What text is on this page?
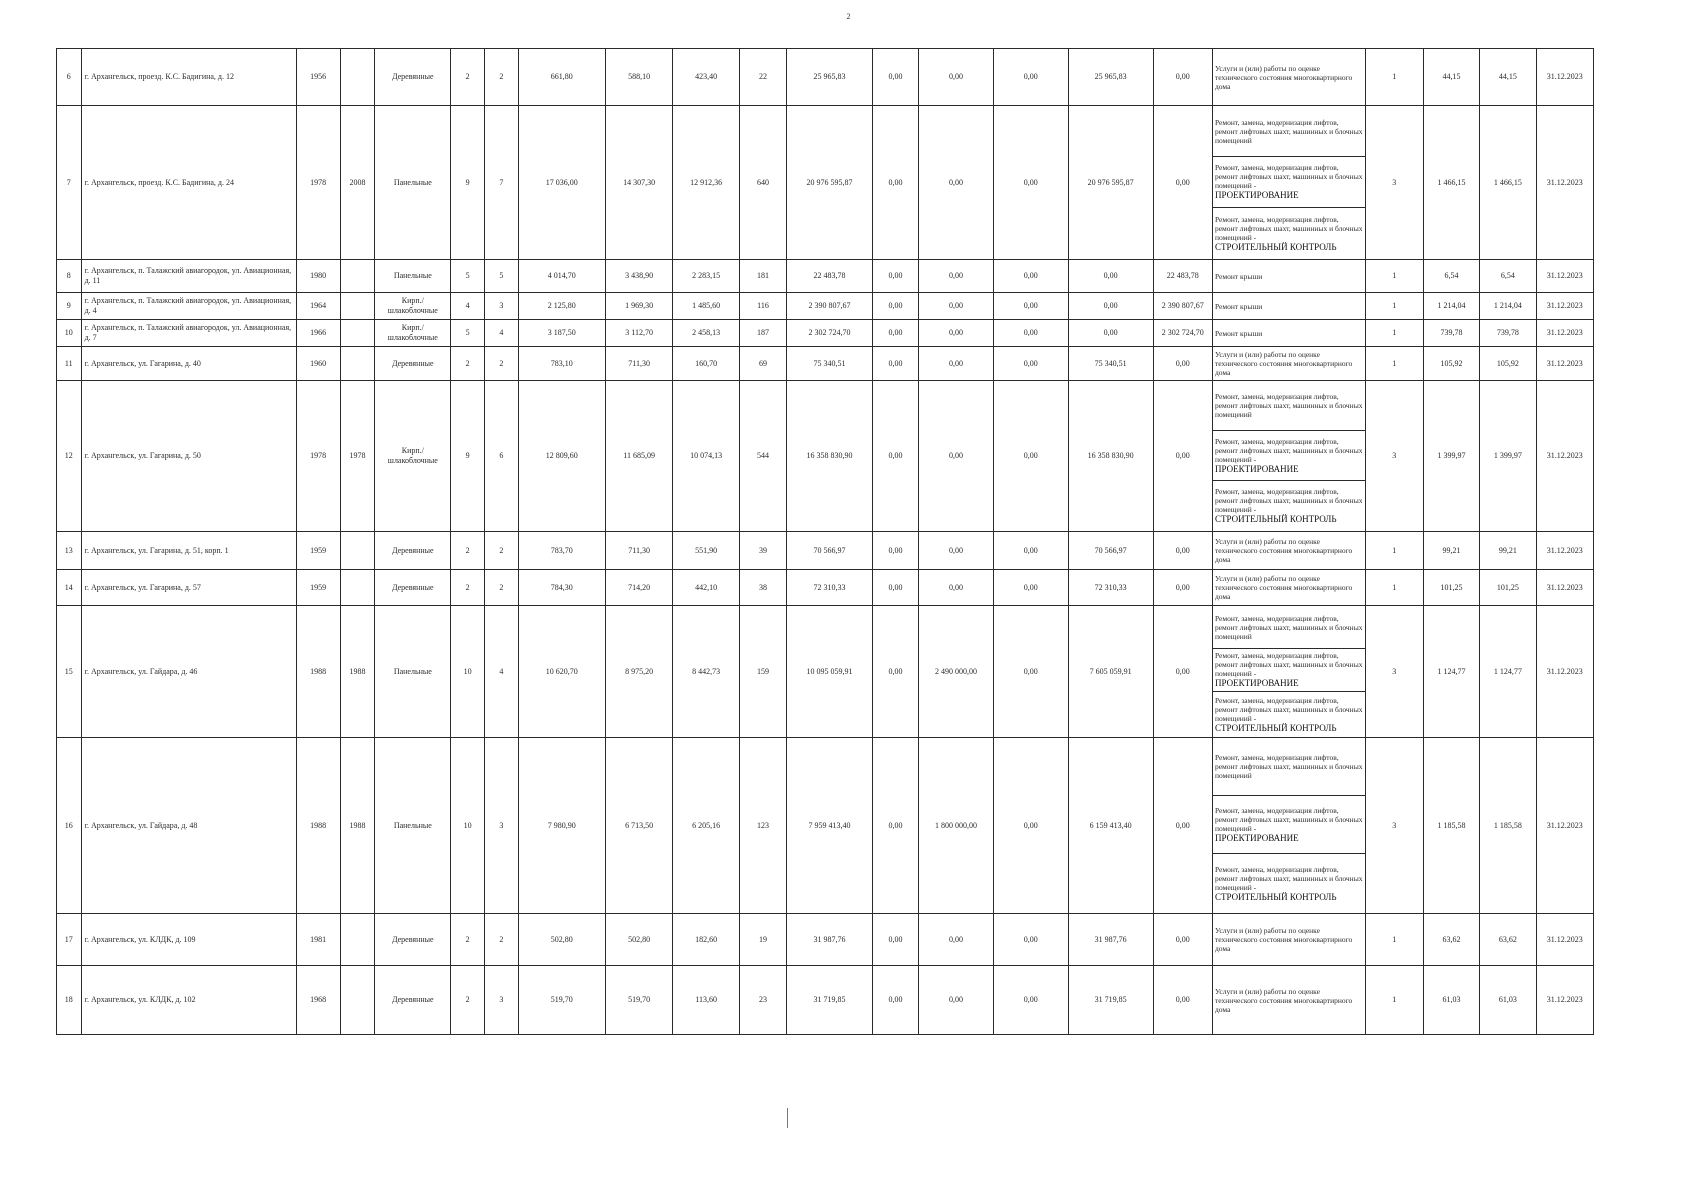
2
6	г. Архангельск, проезд. К.С. Бадигина, д. 12	1956		Деревянные	2	2	661,80	588,10	423,40	22	25 965,83	0,00	0,00	0,00	25 965,83	0,00	Услуги и (или) работы по оценке технического состояния многоквартирного дома	1	44,15	44,15	31.12.2023
7	г. Архангельск, проезд. К.С. Бадигина, д. 24	1978	2008	Панельные	9	7	17 036,00	14 307,30	12 912,36	640	20 976 595,87	0,00	0,00	0,00	20 976 595,87	0,00	Ремонт, замена, модернизация лифтов, ремонт лифтовых шахт, машинных и блочных помещений
Ремонт, замена, модернизация лифтов, ремонт лифтовых шахт, машинных и блочных помещений -
ПРОЕКТИРОВАНИЕ
Ремонт, замена, модернизация лифтов, ремонт лифтовых шахт, машинных и блочных помещений -
СТРОИТЕЛЬНЫЙ КОНТРОЛЬ	3	1 466,15	1 466,15	31.12.2023
8	г. Архангельск, п. Талажский авиагородок, ул. Авиационная, д. 11	1980		Панельные	5	5	4 014,70	3 438,90	2 283,15	181	22 483,78	0,00	0,00	0,00	0,00	22 483,78	Ремонт крыши	1	6,54	6,54	31.12.2023
9	г. Архангельск, п. Талажский авиагородок, ул. Авиационная, д. 4	1964		Кирп./ шлакоблочные	4	3	2 125,80	1 969,30	1 485,60	116	2 390 807,67	0,00	0,00	0,00	0,00	2 390 807,67	Ремонт крыши	1	1 214,04	1 214,04	31.12.2023
10	г. Архангельск, п. Талажский авиагородок, ул. Авиационная, д. 7	1966		Кирп./ шлакоблочные	5	4	3 187,50	3 112,70	2 458,13	187	2 302 724,70	0,00	0,00	0,00	0,00	2 302 724,70	Ремонт крыши	1	739,78	739,78	31.12.2023
11	г. Архангельск, ул. Гагарина, д. 40	1960		Деревянные	2	2	783,10	711,30	160,70	69	75 340,51	0,00	0,00	0,00	75 340,51	0,00	Услуги и (или) работы по оценке технического состояния многоквартирного дома	1	105,92	105,92	31.12.2023
12	г. Архангельск, ул. Гагарина, д. 50	1978	1978	Кирп./ шлакоблочные	9	6	12 809,60	11 685,09	10 074,13	544	16 358 830,90	0,00	0,00	0,00	16 358 830,90	0,00	Ремонт, замена, модернизация лифтов, ремонт лифтовых шахт, машинных и блочных помещений
Ремонт, замена, модернизация лифтов, ремонт лифтовых шахт, машинных и блочных помещений -
ПРОЕКТИРОВАНИЕ
Ремонт, замена, модернизация лифтов, ремонт лифтовых шахт, машинных и блочных помещений -
СТРОИТЕЛЬНЫЙ КОНТРОЛЬ	3	1 399,97	1 399,97	31.12.2023
13	г. Архангельск, ул. Гагарина, д. 51, корп. 1	1959		Деревянные	2	2	783,70	711,30	551,90	39	70 566,97	0,00	0,00	0,00	70 566,97	0,00	Услуги и (или) работы по оценке технического состояния многоквартирного дома	1	99,21	99,21	31.12.2023
14	г. Архангельск, ул. Гагарина, д. 57	1959		Деревянные	2	2	784,30	714,20	442,10	38	72 310,33	0,00	0,00	0,00	72 310,33	0,00	Услуги и (или) работы по оценке технического состояния многоквартирного дома	1	101,25	101,25	31.12.2023
15	г. Архангельск, ул. Гайдара, д. 46	1988	1988	Панельные	10	4	10 620,70	8 975,20	8 442,73	159	10 095 059,91	0,00	2 490 000,00	0,00	7 605 059,91	0,00	Ремонт, замена, модернизация лифтов, ремонт лифтовых шахт, машинных и блочных помещений
Ремонт, замена, модернизация лифтов, ремонт лифтовых шахт, машинных и блочных помещений -
ПРОЕКТИРОВАНИЕ
Ремонт, замена, модернизация лифтов, ремонт лифтовых шахт, машинных и блочных помещений -
СТРОИТЕЛЬНЫЙ КОНТРОЛЬ	3	1 124,77	1 124,77	31.12.2023
16	г. Архангельск, ул. Гайдара, д. 48	1988	1988	Панельные	10	3	7 980,90	6 713,50	6 205,16	123	7 959 413,40	0,00	1 800 000,00	0,00	6 159 413,40	0,00	Ремонт, замена, модернизация лифтов, ремонт лифтовых шахт, машинных и блочных помещений
Ремонт, замена, модернизация лифтов, ремонт лифтовых шахт, машинных и блочных помещений -
ПРОЕКТИРОВАНИЕ
Ремонт, замена, модернизация лифтов, ремонт лифтовых шахт, машинных и блочных помещений -
СТРОИТЕЛЬНЫЙ КОНТРОЛЬ	3	1 185,58	1 185,58	31.12.2023
17	г. Архангельск, ул. КЛДК, д. 109	1981		Деревянные	2	2	502,80	502,80	182,60	19	31 987,76	0,00	0,00	0,00	31 987,76	0,00	Услуги и (или) работы по оценке технического состояния многоквартирного дома	1	63,62	63,62	31.12.2023
18	г. Архангельск, ул. КЛДК, д. 102	1968		Деревянные	2	3	519,70	519,70	113,60	23	31 719,85	0,00	0,00	0,00	31 719,85	0,00	Услуги и (или) работы по оценке технического состояния многоквартирного дома	1	61,03	61,03	31.12.2023
